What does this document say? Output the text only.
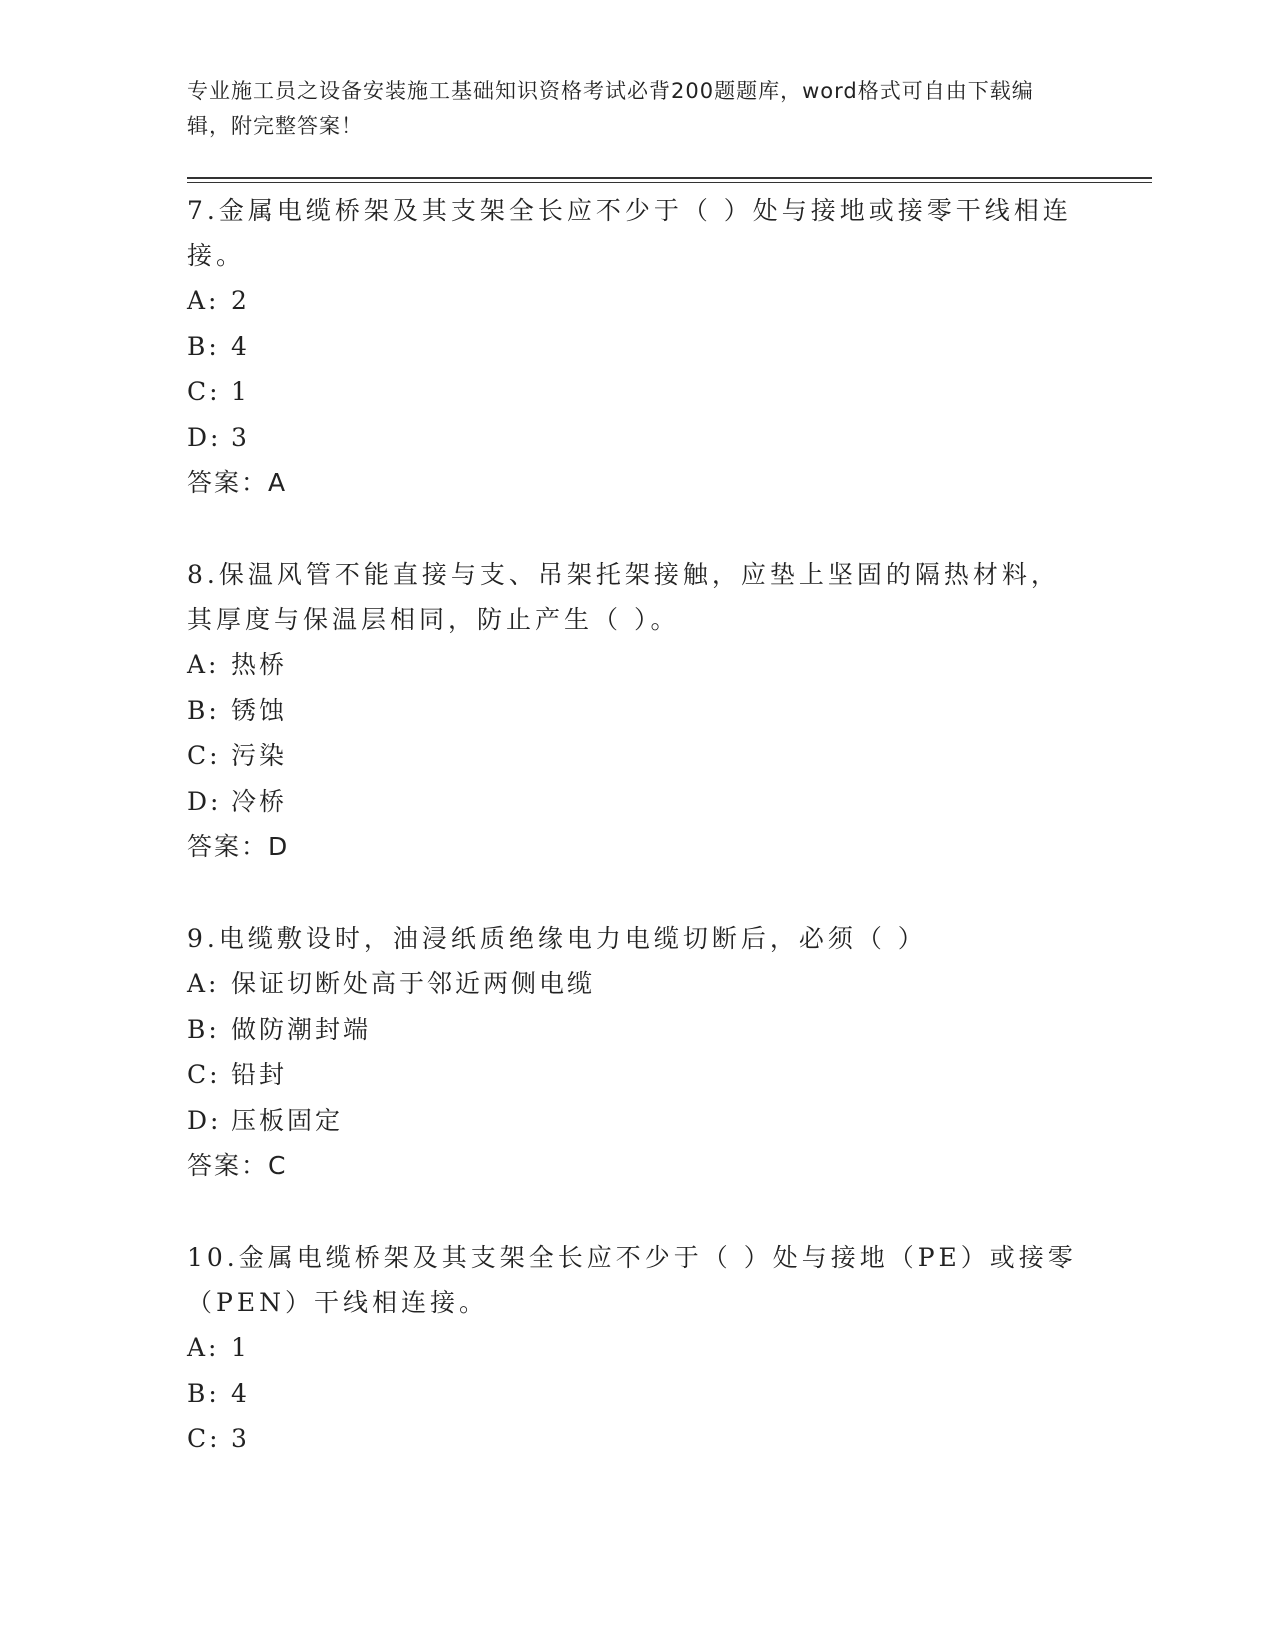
专业施工员之设备安装施工基础知识资格考试必背200题题库，word格式可自由下载编辑，附完整答案！

7.金属电缆桥架及其支架全长应不少于（ ）处与接地或接零干线相连接。

A: 2
B: 4
C: 1
D: 3

答案：A

8.保温风管不能直接与支、吊架托架接触，应垫上坚固的隔热材料，其厚度与保温层相同，防止产生（ ）。

A: 热桥
B: 锈蚀
C: 污染
D: 冷桥

答案：D

9.电缆敷设时，油浸纸质绝缘电力电缆切断后，必须（ ）

A: 保证切断处高于邻近两侧电缆
B: 做防潮封端
C: 铅封
D: 压板固定

答案：C

10.金属电缆桥架及其支架全长应不少于（ ）处与接地（PE）或接零（PEN）干线相连接。

A: 1
B: 4
C: 3
